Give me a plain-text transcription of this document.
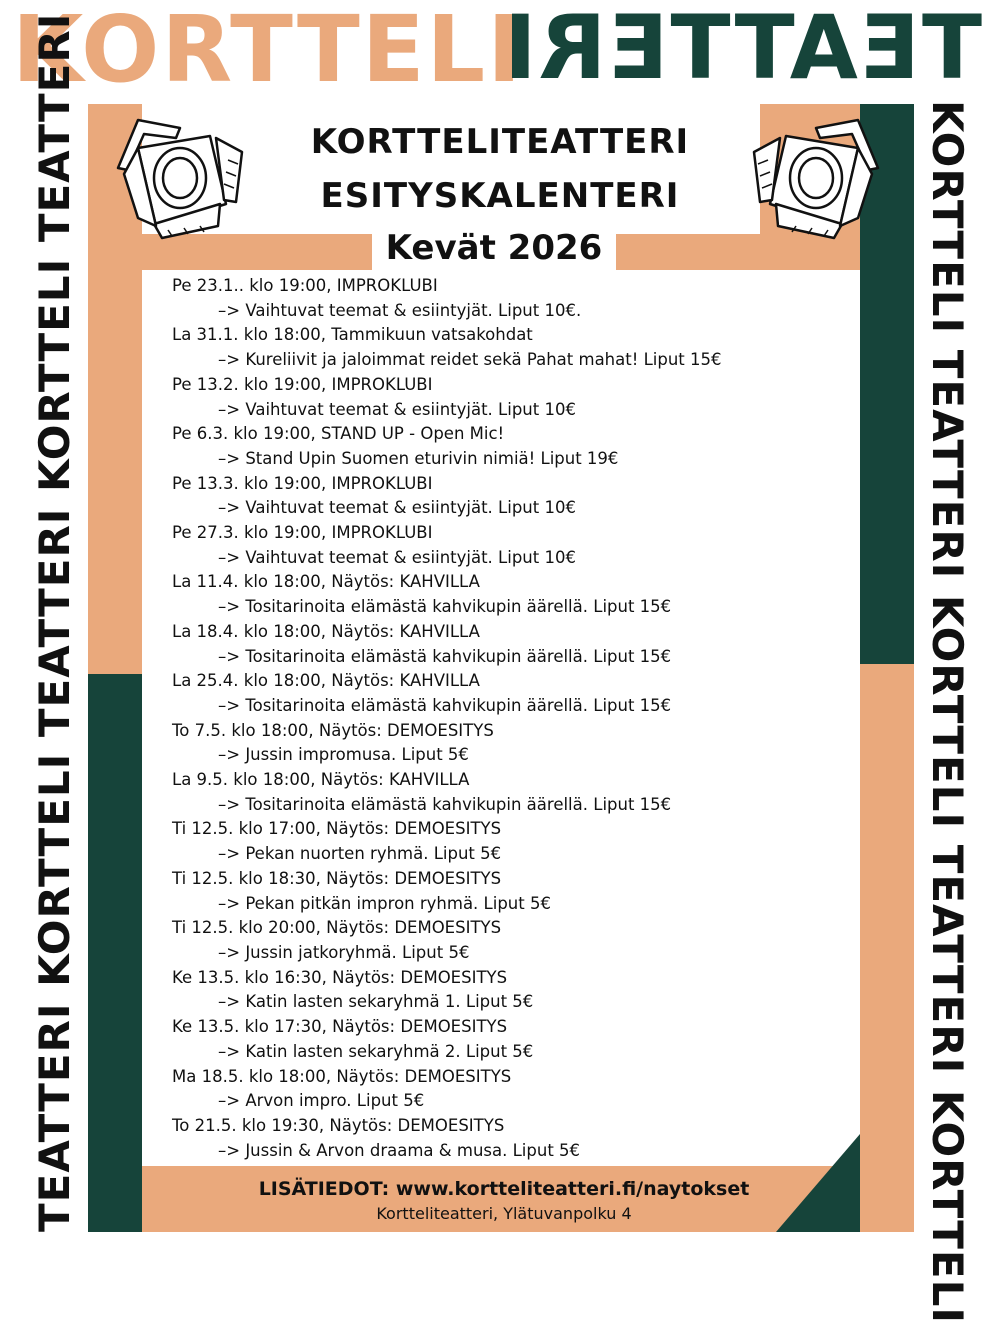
KORTTELI
TEATTERI
TEATTERI KORTTELI TEATTERI KORTTELI TEATTERI	KORTTELI TEATTERI KORTTELI TEATTERI KORTTELI
KORTTELITEATTERI
ESITYSKALENTERI
Kevät 2026
Pe 23.1.. klo 19:00, IMPROKLUBI
–> Vaihtuvat teemat & esiintyjät. Liput 10€.
La 31.1. klo 18:00, Tammikuun vatsakohdat
–> Kureliivit ja jaloimmat reidet sekä Pahat mahat! Liput 15€
Pe 13.2. klo 19:00, IMPROKLUBI
–> Vaihtuvat teemat & esiintyjät. Liput 10€
Pe 6.3. klo 19:00, STAND UP - Open Mic!
–> Stand Upin Suomen eturivin nimiä! Liput 19€
Pe 13.3. klo 19:00, IMPROKLUBI
–> Vaihtuvat teemat & esiintyjät. Liput 10€
Pe 27.3. klo 19:00, IMPROKLUBI
–> Vaihtuvat teemat & esiintyjät. Liput 10€
La 11.4. klo 18:00, Näytös: KAHVILLA
–> Tositarinoita elämästä kahvikupin äärellä. Liput 15€
La 18.4. klo 18:00, Näytös: KAHVILLA
–> Tositarinoita elämästä kahvikupin äärellä. Liput 15€
La 25.4. klo 18:00, Näytös: KAHVILLA
–> Tositarinoita elämästä kahvikupin äärellä. Liput 15€
To 7.5. klo 18:00, Näytös: DEMOESITYS
–> Jussin impromusa. Liput 5€
La 9.5. klo 18:00, Näytös: KAHVILLA
–> Tositarinoita elämästä kahvikupin äärellä. Liput 15€
Ti 12.5. klo 17:00, Näytös: DEMOESITYS
–> Pekan nuorten ryhmä. Liput 5€
Ti 12.5. klo 18:30, Näytös: DEMOESITYS
–> Pekan pitkän impron ryhmä. Liput 5€
Ti 12.5. klo 20:00, Näytös: DEMOESITYS
–> Jussin jatkoryhmä. Liput 5€
Ke 13.5. klo 16:30, Näytös: DEMOESITYS
–> Katin lasten sekaryhmä 1. Liput 5€
Ke 13.5. klo 17:30, Näytös: DEMOESITYS
–> Katin lasten sekaryhmä 2. Liput 5€
Ma 18.5. klo 18:00, Näytös: DEMOESITYS
–> Arvon impro. Liput 5€
To 21.5. klo 19:30, Näytös: DEMOESITYS
–> Jussin & Arvon draama & musa. Liput 5€
LISÄTIEDOT: www.kortteliteatteri.fi/naytokset
Kortteliteatteri, Ylätuvanpolku 4
